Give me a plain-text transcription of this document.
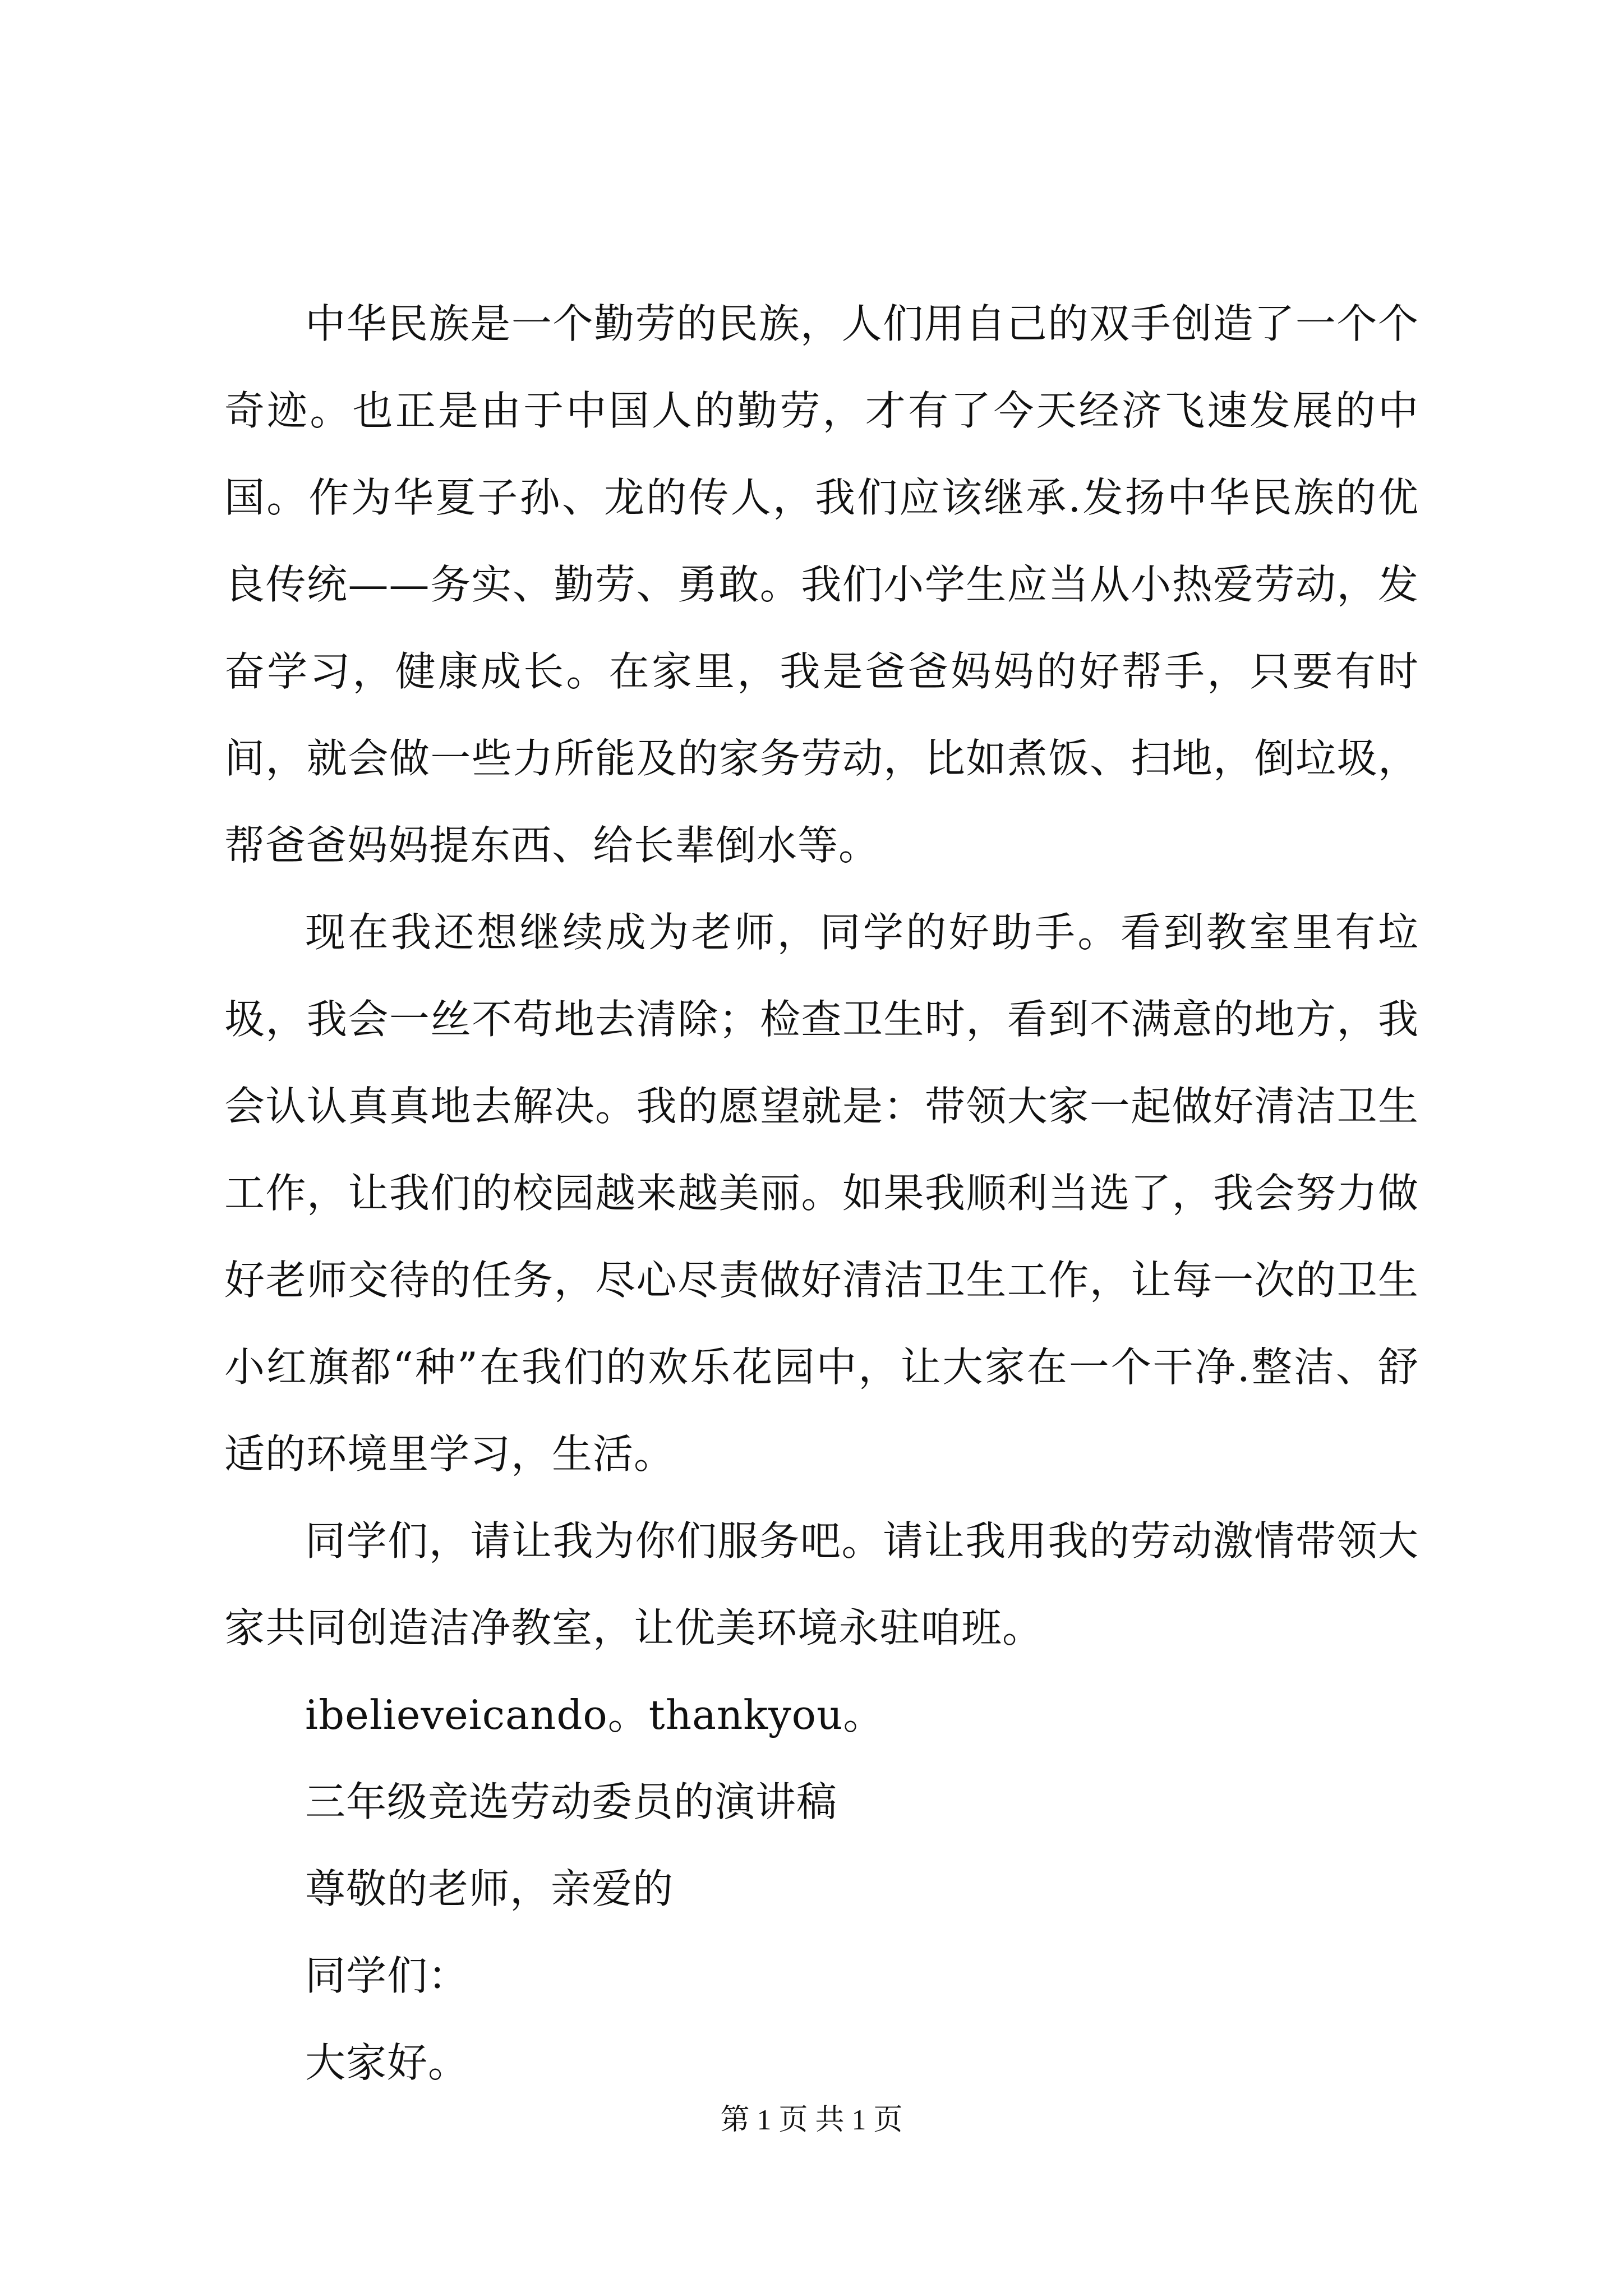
中华民族是一个勤劳的民族，人们用自己的双手创造了一个个奇迹。也正是由于中国人的勤劳，才有了今天经济飞速发展的中国。作为华夏子孙、龙的传人，我们应该继承.发扬中华民族的优良传统——务实、勤劳、勇敢。我们小学生应当从小热爱劳动，发奋学习，健康成长。在家里，我是爸爸妈妈的好帮手，只要有时间，就会做一些力所能及的家务劳动，比如煮饭、扫地，倒垃圾，帮爸爸妈妈提东西、给长辈倒水等。

现在我还想继续成为老师，同学的好助手。看到教室里有垃圾，我会一丝不苟地去清除；检查卫生时，看到不满意的地方，我会认认真真地去解决。我的愿望就是：带领大家一起做好清洁卫生工作，让我们的校园越来越美丽。如果我顺利当选了，我会努力做好老师交待的任务，尽心尽责做好清洁卫生工作，让每一次的卫生小红旗都“种”在我们的欢乐花园中，让大家在一个干净.整洁、舒适的环境里学习，生活。

同学们，请让我为你们服务吧。请让我用我的劳动激情带领大家共同创造洁净教室，让优美环境永驻咱班。

ibelieveicando。thankyou。

三年级竞选劳动委员的演讲稿

尊敬的老师，亲爱的

同学们：

大家好。

第 1 页 共 1 页
